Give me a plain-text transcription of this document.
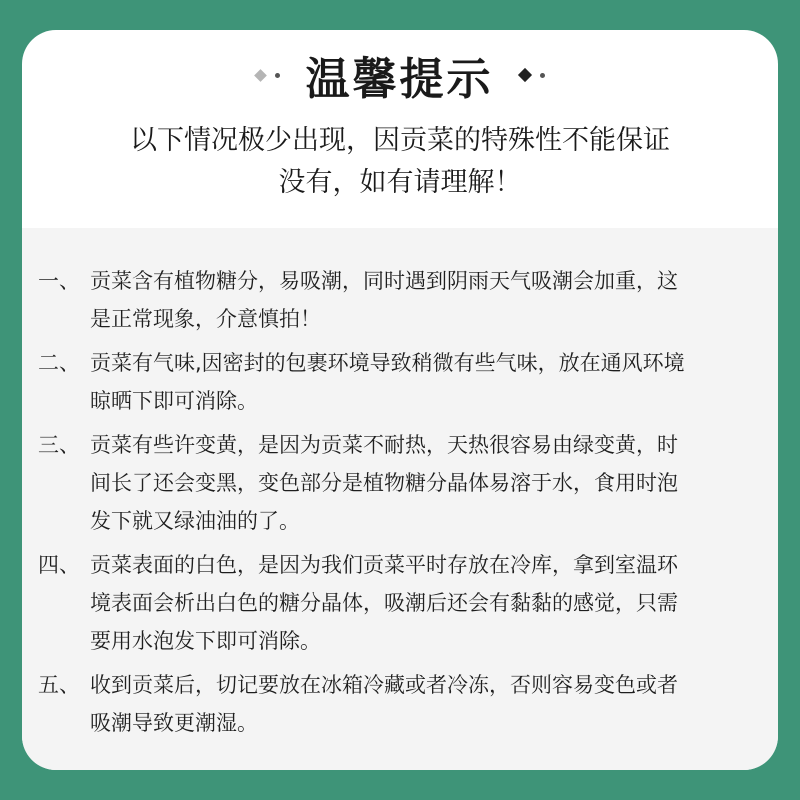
温馨提示
以下情况极少出现，因贡菜的特殊性不能保证
没有，如有请理解！
一、 贡菜含有植物糖分，易吸潮，同时遇到阴雨天气吸潮会加重，这
是正常现象，介意慎拍！
二、 贡菜有气味,因密封的包裹环境导致稍微有些气味，放在通风环境
晾晒下即可消除。
三、 贡菜有些许变黄，是因为贡菜不耐热，天热很容易由绿变黄，时
间长了还会变黑，变色部分是植物糖分晶体易溶于水，食用时泡
发下就又绿油油的了。
四、 贡菜表面的白色，是因为我们贡菜平时存放在冷库，拿到室温环
境表面会析出白色的糖分晶体，吸潮后还会有黏黏的感觉，只需
要用水泡发下即可消除。
五、 收到贡菜后，切记要放在冰箱冷藏或者冷冻，否则容易变色或者
吸潮导致更潮湿。
